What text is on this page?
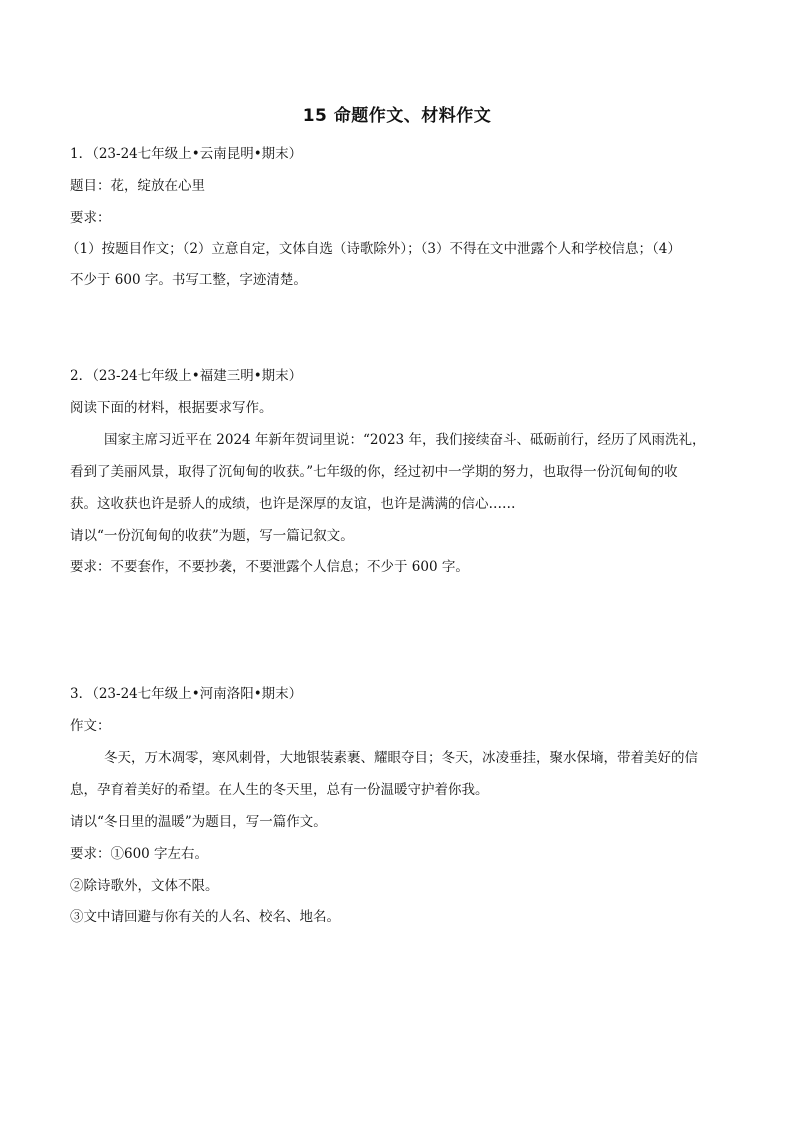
15 命题作文、材料作文
1．（23-24七年级上•云南昆明•期末）
题目：花，绽放在心里
要求：
（1）按题目作文；（2）立意自定，文体自选（诗歌除外）；（3）不得在文中泄露个人和学校信息；（4）
不少于 600 字。书写工整，字迹清楚。
2．（23-24七年级上•福建三明•期末）
阅读下面的材料，根据要求写作。
国家主席习近平在 2024 年新年贺词里说：“2023 年，我们接续奋斗、砥砺前行，经历了风雨洗礼，
看到了美丽风景，取得了沉甸甸的收获。”七年级的你，经过初中一学期的努力，也取得一份沉甸甸的收
获。这收获也许是骄人的成绩，也许是深厚的友谊，也许是满满的信心……
请以“一份沉甸甸的收获”为题，写一篇记叙文。
要求：不要套作，不要抄袭，不要泄露个人信息；不少于 600 字。
3．（23-24七年级上•河南洛阳•期末）
作文：
冬天，万木凋零，寒风刺骨，大地银装素裹、耀眼夺目；冬天，冰凌垂挂，聚水保墒，带着美好的信
息，孕育着美好的希望。在人生的冬天里，总有一份温暖守护着你我。
请以“冬日里的温暖”为题目，写一篇作文。
要求：①600 字左右。
②除诗歌外，文体不限。
③文中请回避与你有关的人名、校名、地名。
